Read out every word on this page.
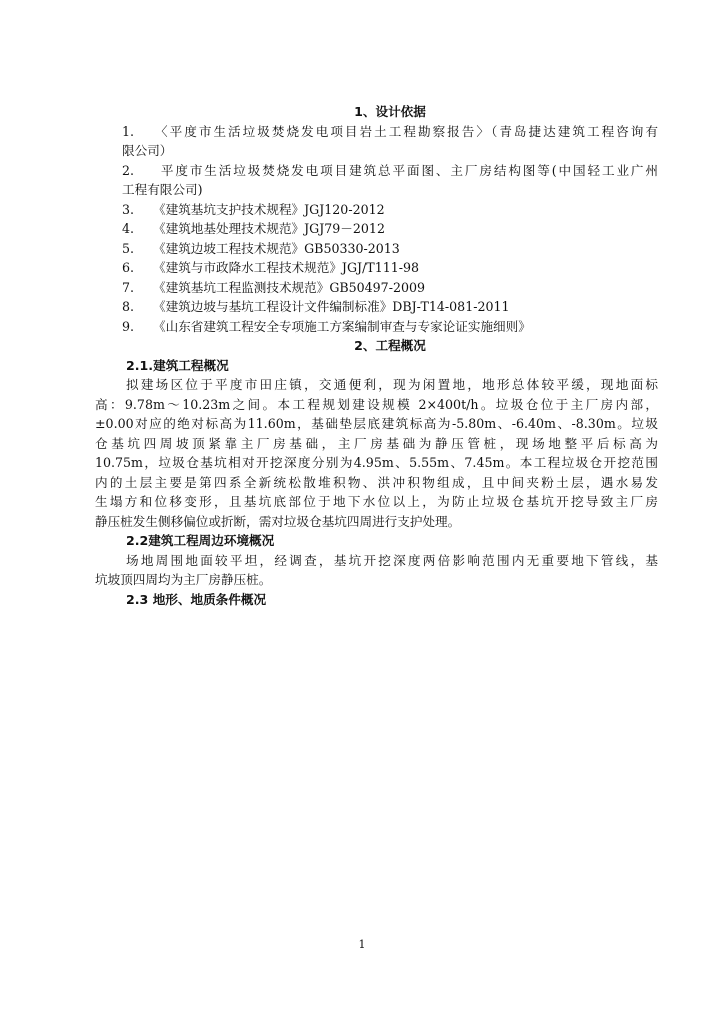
1、设计依据
1. 〈平度市生活垃圾焚烧发电项目岩土工程勘察报告〉（青岛捷达建筑工程咨询有
限公司）
2. 平度市生活垃圾焚烧发电项目建筑总平面图、主厂房结构图等(中国轻工业广州
工程有限公司)
3. 《建筑基坑支护技术规程》JGJ120-2012
4. 《建筑地基处理技术规范》JGJ79－2012
5. 《建筑边坡工程技术规范》GB50330-2013
6. 《建筑与市政降水工程技术规范》JGJ/T111-98
7. 《建筑基坑工程监测技术规范》GB50497-2009
8. 《建筑边坡与基坑工程设计文件编制标准》DBJ-T14-081-2011
9. 《山东省建筑工程安全专项施工方案编制审查与专家论证实施细则》
2、工程概况
2.1.建筑工程概况
拟建场区位于平度市田庄镇，交通便利，现为闲置地，地形总体较平缓，现地面标
高：9.78m～10.23m之间。本工程规划建设规模 2×400t/h。垃圾仓位于主厂房内部，
±0.00对应的绝对标高为11.60m，基础垫层底建筑标高为-5.80m、-6.40m、-8.30m。垃圾
仓基坑四周坡顶紧靠主厂房基础，主厂房基础为静压管桩，现场地整平后标高为
10.75m，垃圾仓基坑相对开挖深度分别为4.95m、5.55m、7.45m。本工程垃圾仓开挖范围
内的土层主要是第四系全新统松散堆积物、洪冲积物组成，且中间夹粉土层，遇水易发
生塌方和位移变形，且基坑底部位于地下水位以上，为防止垃圾仓基坑开挖导致主厂房
静压桩发生侧移偏位或折断，需对垃圾仓基坑四周进行支护处理。
2.2建筑工程周边环境概况
场地周围地面较平坦，经调查，基坑开挖深度两倍影响范围内无重要地下管线，基
坑坡顶四周均为主厂房静压桩。
2.3 地形、地质条件概况
1
